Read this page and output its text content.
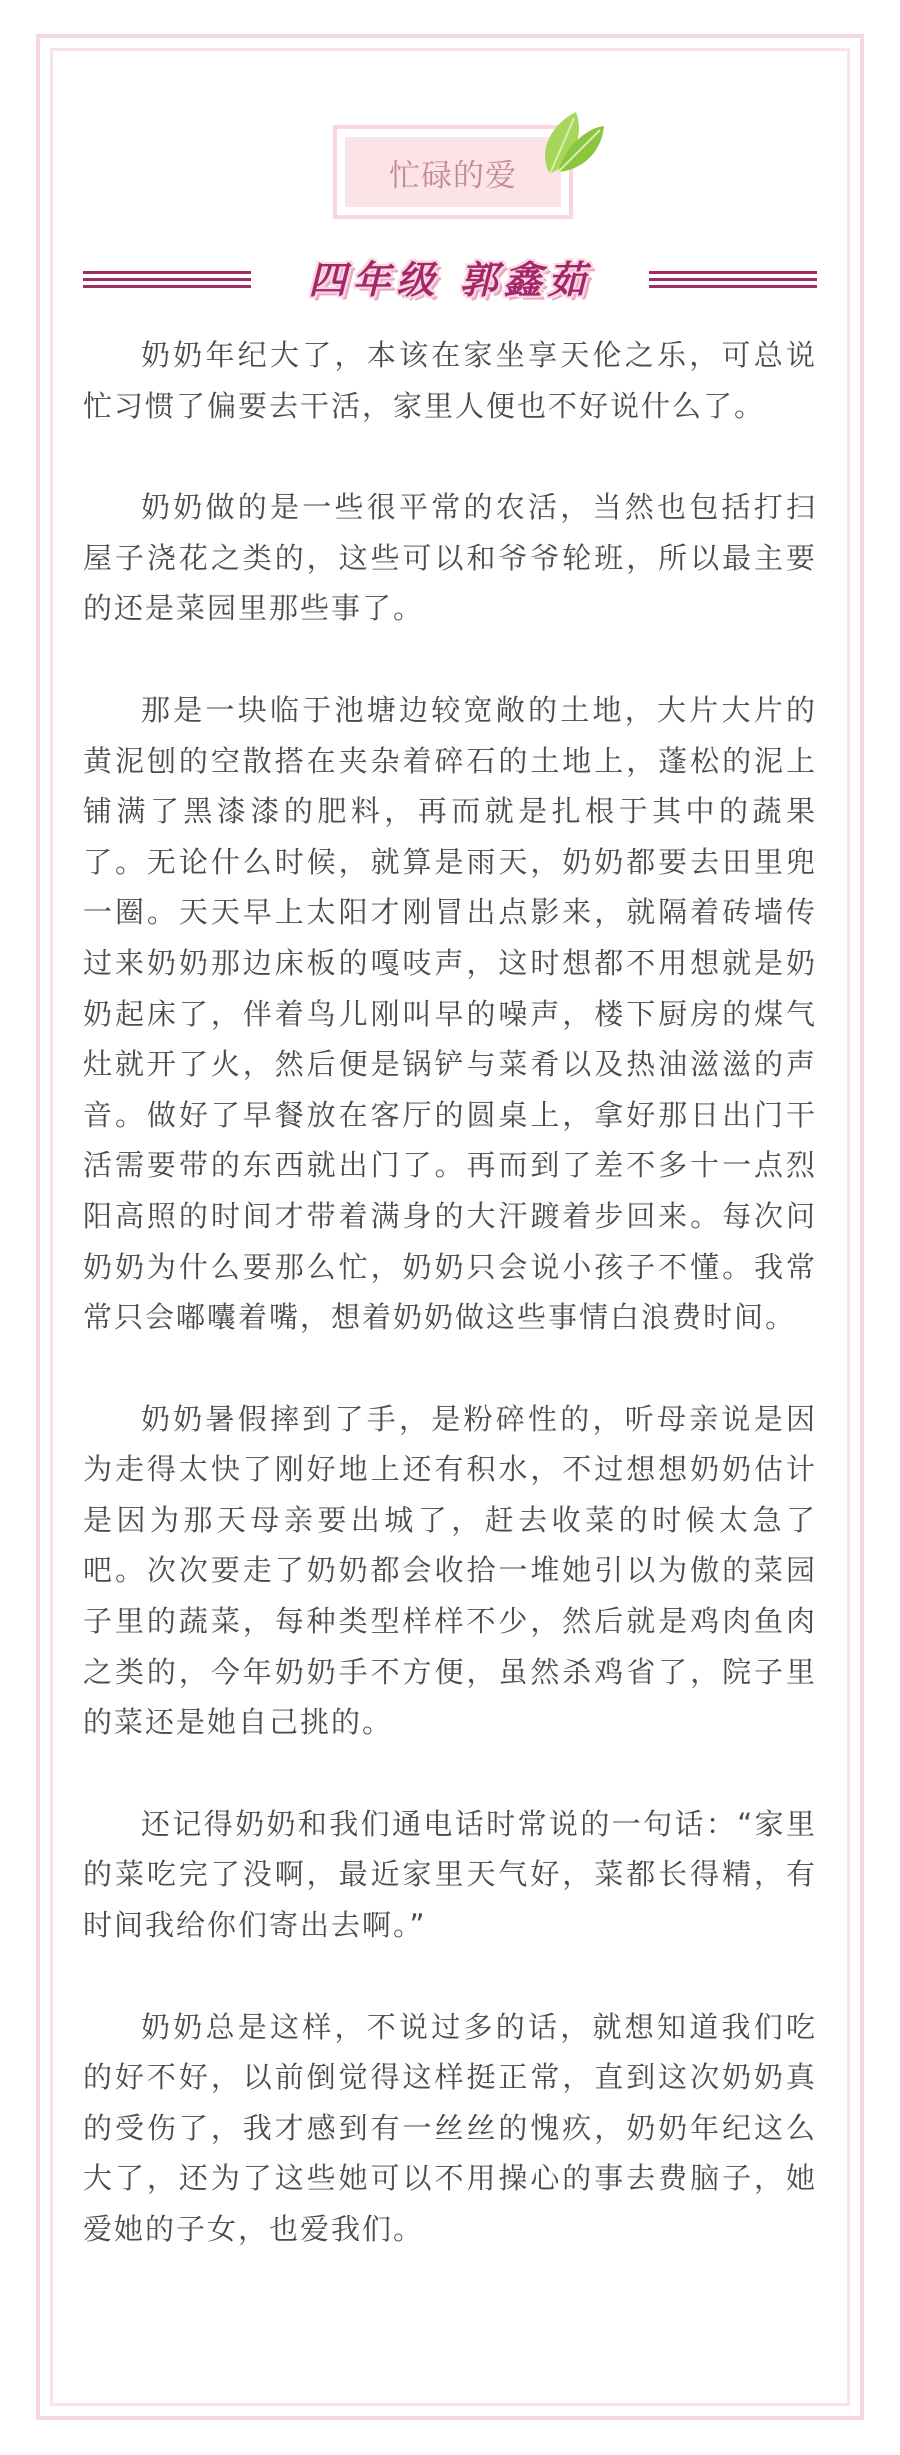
忙碌的爱
四年级 郭鑫茹

奶奶年纪大了，本该在家坐享天伦之乐，可总说忙习惯了偏要去干活，家里人便也不好说什么了。

奶奶做的是一些很平常的农活，当然也包括打扫屋子浇花之类的，这些可以和爷爷轮班，所以最主要的还是菜园里那些事了。

那是一块临于池塘边较宽敞的土地，大片大片的黄泥刨的空散搭在夹杂着碎石的土地上，蓬松的泥上铺满了黑漆漆的肥料，再而就是扎根于其中的蔬果了。无论什么时候，就算是雨天，奶奶都要去田里兜一圈。天天早上太阳才刚冒出点影来，就隔着砖墙传过来奶奶那边床板的嘎吱声，这时想都不用想就是奶奶起床了，伴着鸟儿刚叫早的噪声，楼下厨房的煤气灶就开了火，然后便是锅铲与菜肴以及热油滋滋的声音。做好了早餐放在客厅的圆桌上，拿好那日出门干活需要带的东西就出门了。再而到了差不多十一点烈阳高照的时间才带着满身的大汗踱着步回来。每次问奶奶为什么要那么忙，奶奶只会说小孩子不懂。我常常只会嘟囔着嘴，想着奶奶做这些事情白浪费时间。

奶奶暑假摔到了手，是粉碎性的，听母亲说是因为走得太快了刚好地上还有积水，不过想想奶奶估计是因为那天母亲要出城了，赶去收菜的时候太急了吧。次次要走了奶奶都会收拾一堆她引以为傲的菜园子里的蔬菜，每种类型样样不少，然后就是鸡肉鱼肉之类的，今年奶奶手不方便，虽然杀鸡省了，院子里的菜还是她自己挑的。

还记得奶奶和我们通电话时常说的一句话：“家里的菜吃完了没啊，最近家里天气好，菜都长得精，有时间我给你们寄出去啊。”

奶奶总是这样，不说过多的话，就想知道我们吃的好不好，以前倒觉得这样挺正常，直到这次奶奶真的受伤了，我才感到有一丝丝的愧疚，奶奶年纪这么大了，还为了这些她可以不用操心的事去费脑子，她爱她的子女，也爱我们。
